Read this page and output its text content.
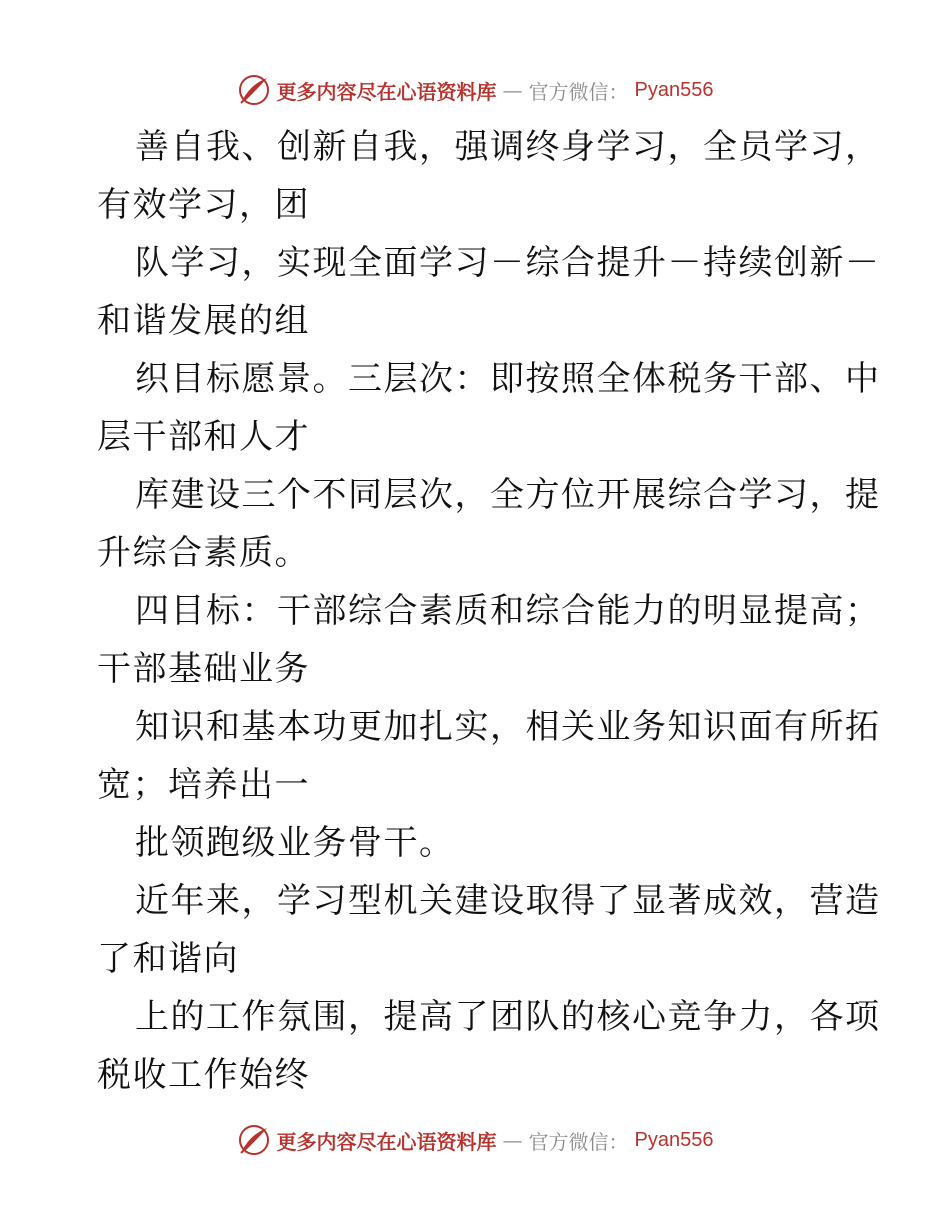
更多内容尽在心语资料库 — 官方微信： Pyan556
善自我、创新自我，强调终身学习，全员学习，
有效学习，团
队学习，实现全面学习－综合提升－持续创新－
和谐发展的组
织目标愿景。三层次：即按照全体税务干部、中
层干部和人才
库建设三个不同层次，全方位开展综合学习，提
升综合素质。
四目标：干部综合素质和综合能力的明显提高；
干部基础业务
知识和基本功更加扎实，相关业务知识面有所拓
宽；培养出一
批领跑级业务骨干。
近年来，学习型机关建设取得了显著成效，营造
了和谐向
上的工作氛围，提高了团队的核心竞争力，各项
税收工作始终
更多内容尽在心语资料库 — 官方微信： Pyan556
